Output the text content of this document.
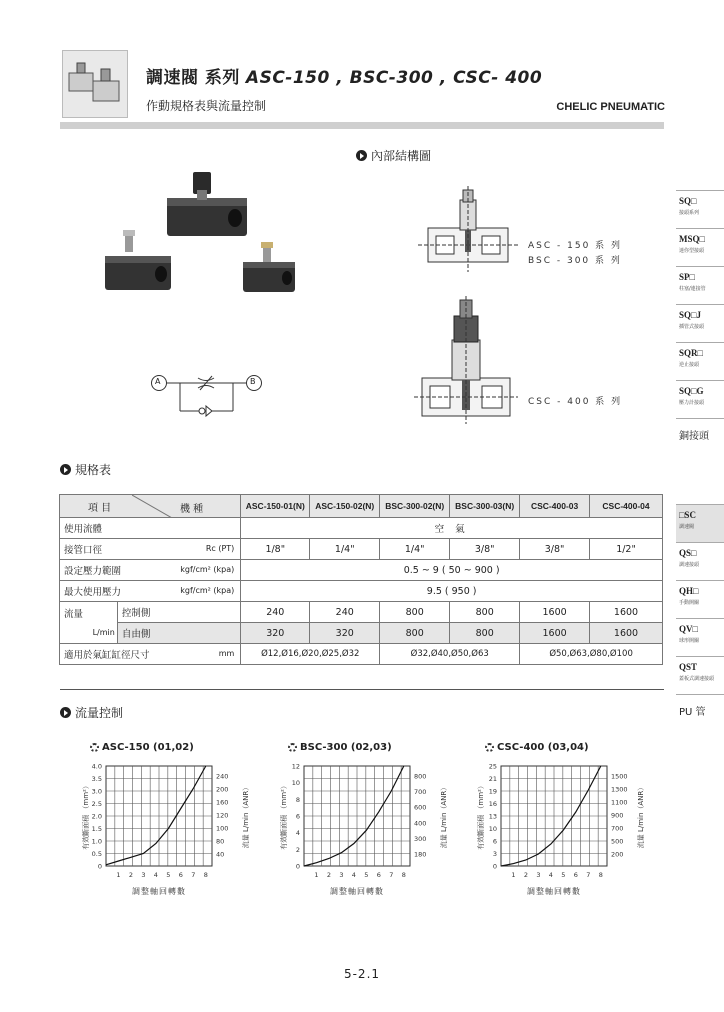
調速閥 系列 ASC-150 , BSC-300 , CSC- 400
作動規格表與流量控制	CHELIC PNEUMATIC
內部結構圖
A	B
ASC - 150 系 列
BSC - 300 系 列
CSC - 400 系 列
SQ□
接頭系列
MSQ□
迷你型接頭
SP□
柱塞/連接管
SQ□J
插管式接頭
SQR□
逆止接頭
SQ□G
壓力計接頭
銅接頭
□SC
調速閥
QS□
調速接頭
QH□
手動開關
QV□
球形開關
QST
蓋板式調速接頭
PU 管
規格表
項 目 機 種		ASC-150-01(N)	ASC-150-02(N)	BSC-300-02(N)	BSC-300-03(N)	CSC-400-03	CSC-400-04
使用流體		空 氣					
接管口徑 Rc (PT)		1/8"	1/4"	1/4"	3/8"	3/8"	1/2"
設定壓力範圍 kgf/cm² (kpa)		0.5 ~ 9 ( 50 ~ 900 )					
最大使用壓力 kgf/cm² (kpa)		9.5 ( 950 )					
流量
L/min	控制側	240	240	800	800	1600	1600
	自由側	320	320	800	800	1600	1600
適用於氣缸缸徑尺寸 mm		Ø12,Ø16,Ø20,Ø25,Ø32		Ø32,Ø40,Ø50,Ø63		Ø50,Ø63,Ø80,Ø100	
流量控制
5-2.1
ASC-150 (01,02)
0
0.5
1.0
1.5
2.0
2.5
3.0
3.5
4.0
40
80
100
120
160
200
240
1 2 3 4 5 6 7 8
調整軸回轉數
有效斷面積 （mm²）	流量 L/min（ANR）
BSC-300 (02,03)
0
2
4
6
8
10
12
180
300
400
600
700
800
1 2 3 4 5 6 7 8
調整軸回轉數
有效斷面積 （mm²）	流量 L/min（ANR）
CSC-400 (03,04)
0
3
6
10
13
16
19
21
25
200
500
700
900
1100
1300
1500
1 2 3 4 5 6 7 8
調整軸回轉數
有效斷面積 （mm²）	流量 L/min（ANR）
